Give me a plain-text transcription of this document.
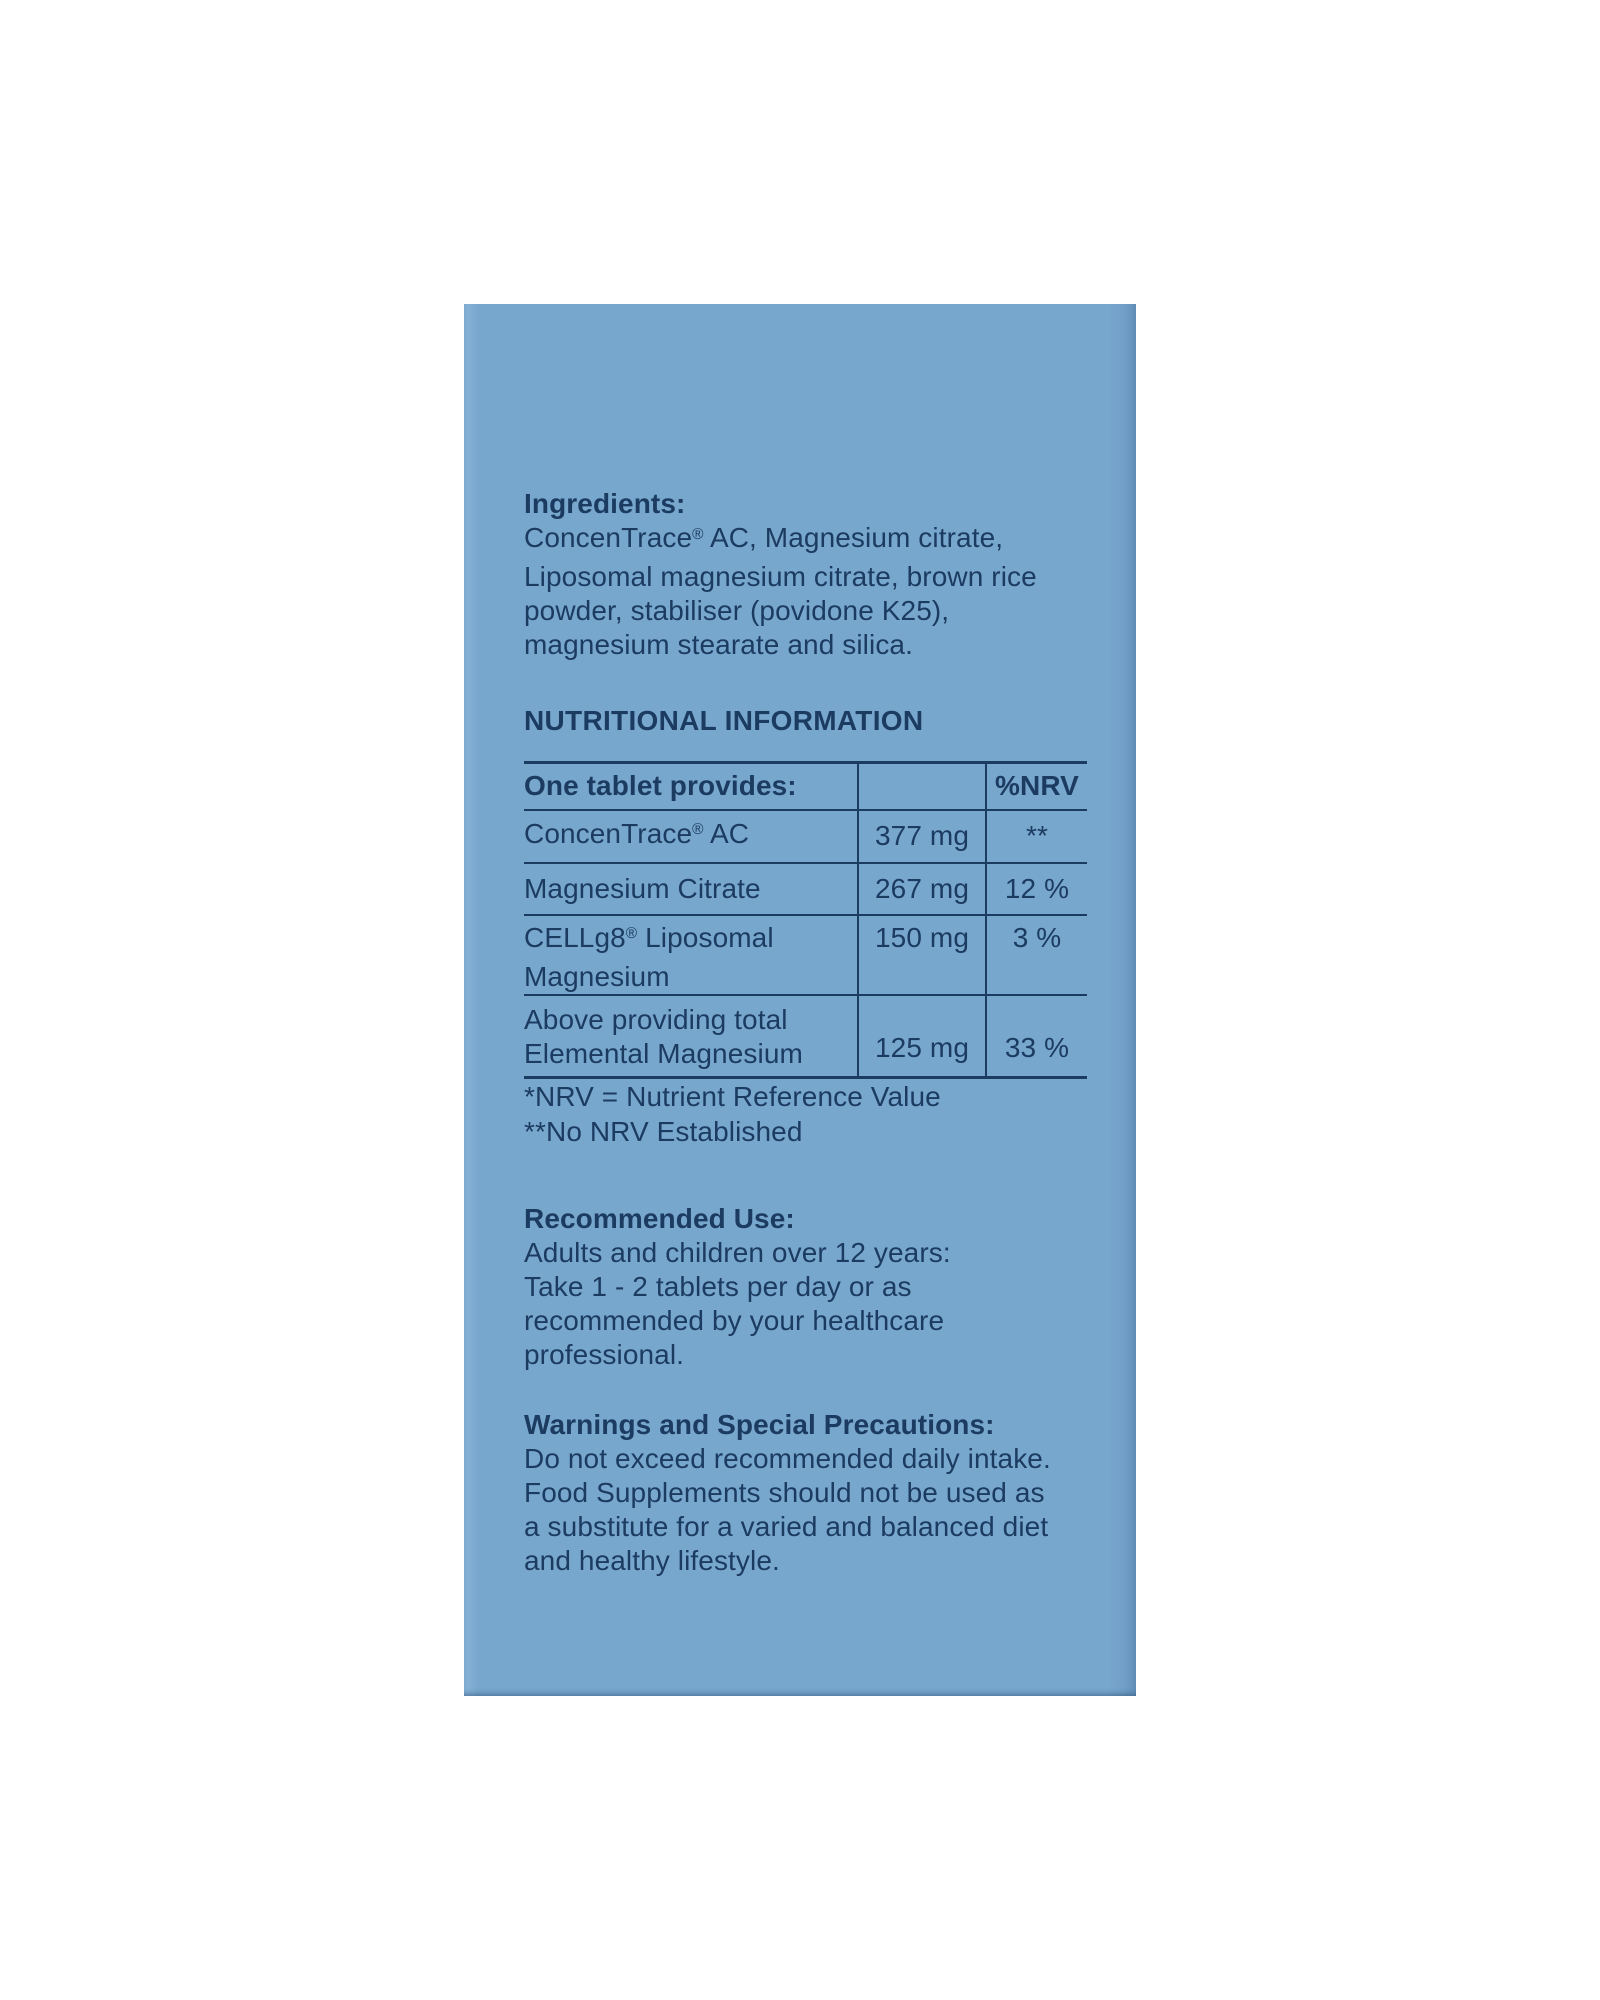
Ingredients:

ConcenTrace® AC, Magnesium citrate,
Liposomal magnesium citrate, brown rice
powder, stabiliser (povidone K25),
magnesium stearate and silica.

NUTRITIONAL INFORMATION

One tablet provides:		%NRV
ConcenTrace® AC	377 mg	**
Magnesium Citrate	267 mg	12 %
CELLg8® Liposomal
Magnesium	150 mg	3 %
Above providing total
Elemental Magnesium	125 mg	33 %

*NRV = Nutrient Reference Value
**No NRV Established

Recommended Use:

Adults and children over 12 years:
Take 1 - 2 tablets per day or as
recommended by your healthcare
professional.

Warnings and Special Precautions:

Do not exceed recommended daily intake.
Food Supplements should not be used as
a substitute for a varied and balanced diet
and healthy lifestyle.
